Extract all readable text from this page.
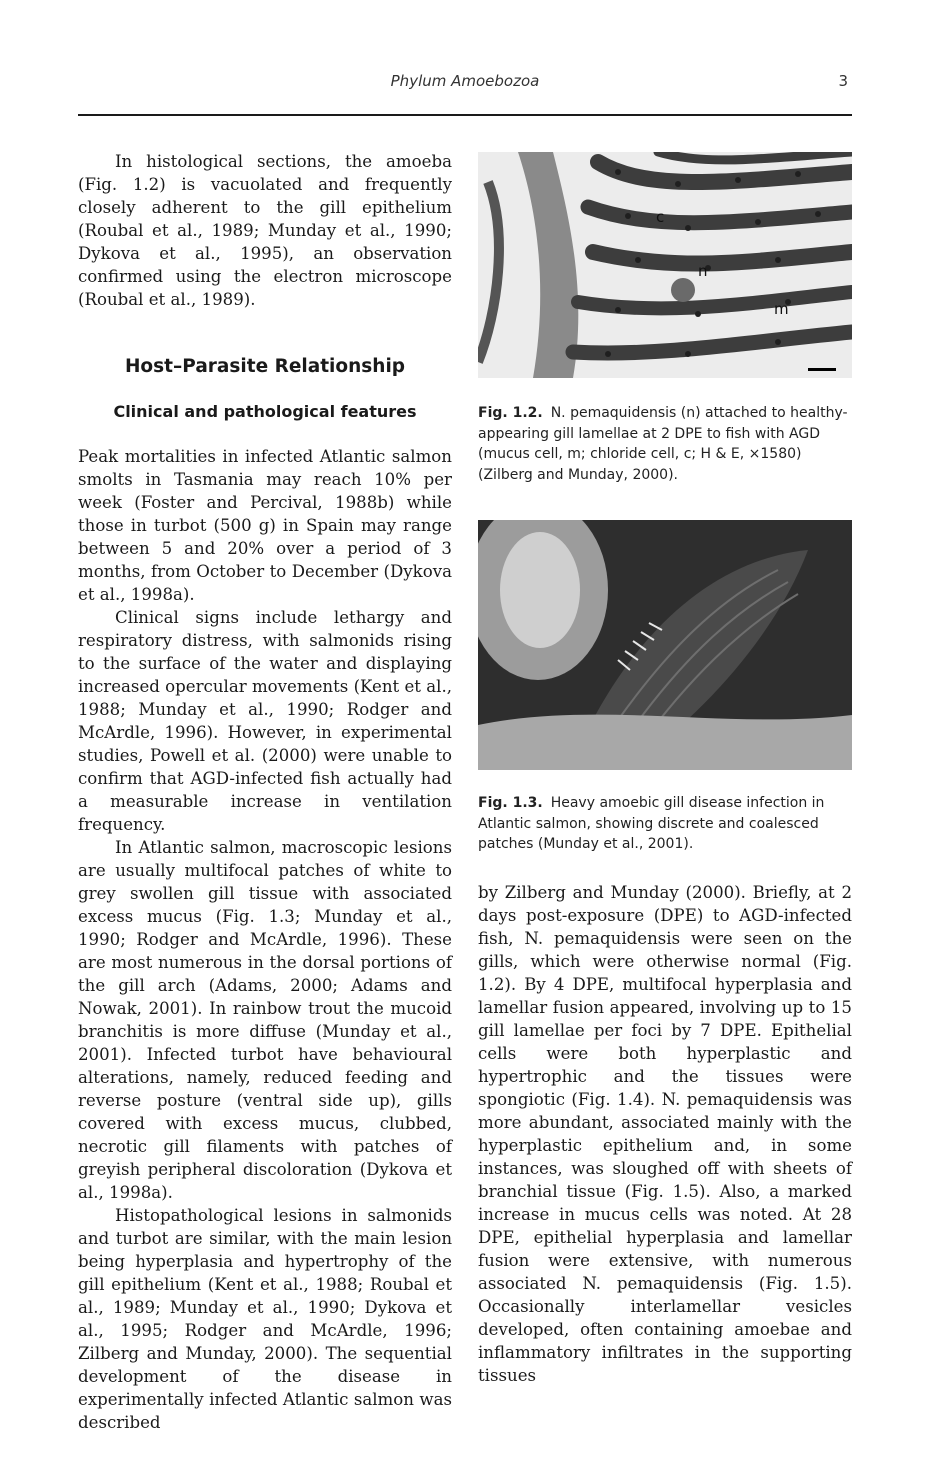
Phylum Amoebozoa	3

In histological sections, the amoeba (Fig. 1.2) is vacuolated and frequently closely adherent to the gill epithelium (Roubal et al., 1989; Munday et al., 1990; Dykova et al., 1995), an observation confirmed using the electron microscope (Roubal et al., 1989).

Host–Parasite Relationship
Clinical and pathological features

Peak mortalities in infected Atlantic salmon smolts in Tasmania may reach 10% per week (Foster and Percival, 1988b) while those in turbot (500 g) in Spain may range between 5 and 20% over a period of 3 months, from October to December (Dykova et al., 1998a).

Clinical signs include lethargy and respiratory distress, with salmonids rising to the surface of the water and displaying increased opercular movements (Kent et al., 1988; Munday et al., 1990; Rodger and McArdle, 1996). However, in experimental studies, Powell et al. (2000) were unable to confirm that AGD-infected fish actually had a measurable increase in ventilation frequency.

In Atlantic salmon, macroscopic lesions are usually multifocal patches of white to grey swollen gill tissue with associated excess mucus (Fig. 1.3; Munday et al., 1990; Rodger and McArdle, 1996). These are most numerous in the dorsal portions of the gill arch (Adams, 2000; Adams and Nowak, 2001). In rainbow trout the mucoid branchitis is more diffuse (Munday et al., 2001). Infected turbot have behavioural alterations, namely, reduced feeding and reverse posture (ventral side up), gills covered with excess mucus, clubbed, necrotic gill filaments with patches of greyish peripheral discoloration (Dykova et al., 1998a).

Histopathological lesions in salmonids and turbot are similar, with the main lesion being hyperplasia and hypertrophy of the gill epithelium (Kent et al., 1988; Roubal et al., 1989; Munday et al., 1990; Dykova et al., 1995; Rodger and McArdle, 1996; Zilberg and Munday, 2000). The sequential development of the disease in experimentally infected Atlantic salmon was described

c
n
m
Fig. 1.2. N. pemaquidensis (n) attached to healthy-appearing gill lamellae at 2 DPE to fish with AGD (mucus cell, m; chloride cell, c; H & E, ×1580) (Zilberg and Munday, 2000).
Fig. 1.3. Heavy amoebic gill disease infection in Atlantic salmon, showing discrete and coalesced patches (Munday et al., 2001).

by Zilberg and Munday (2000). Briefly, at 2 days post-exposure (DPE) to AGD-infected fish, N. pemaquidensis were seen on the gills, which were otherwise normal (Fig. 1.2). By 4 DPE, multifocal hyperplasia and lamellar fusion appeared, involving up to 15 gill lamellae per foci by 7 DPE. Epithelial cells were both hyperplastic and hypertrophic and the tissues were spongiotic (Fig. 1.4). N. pemaquidensis was more abundant, associated mainly with the hyperplastic epithelium and, in some instances, was sloughed off with sheets of branchial tissue (Fig. 1.5). Also, a marked increase in mucus cells was noted. At 28 DPE, epithelial hyperplasia and lamellar fusion were extensive, with numerous associated N. pemaquidensis (Fig. 1.5). Occasionally interlamellar vesicles developed, often containing amoebae and inflammatory infiltrates in the supporting tissues
